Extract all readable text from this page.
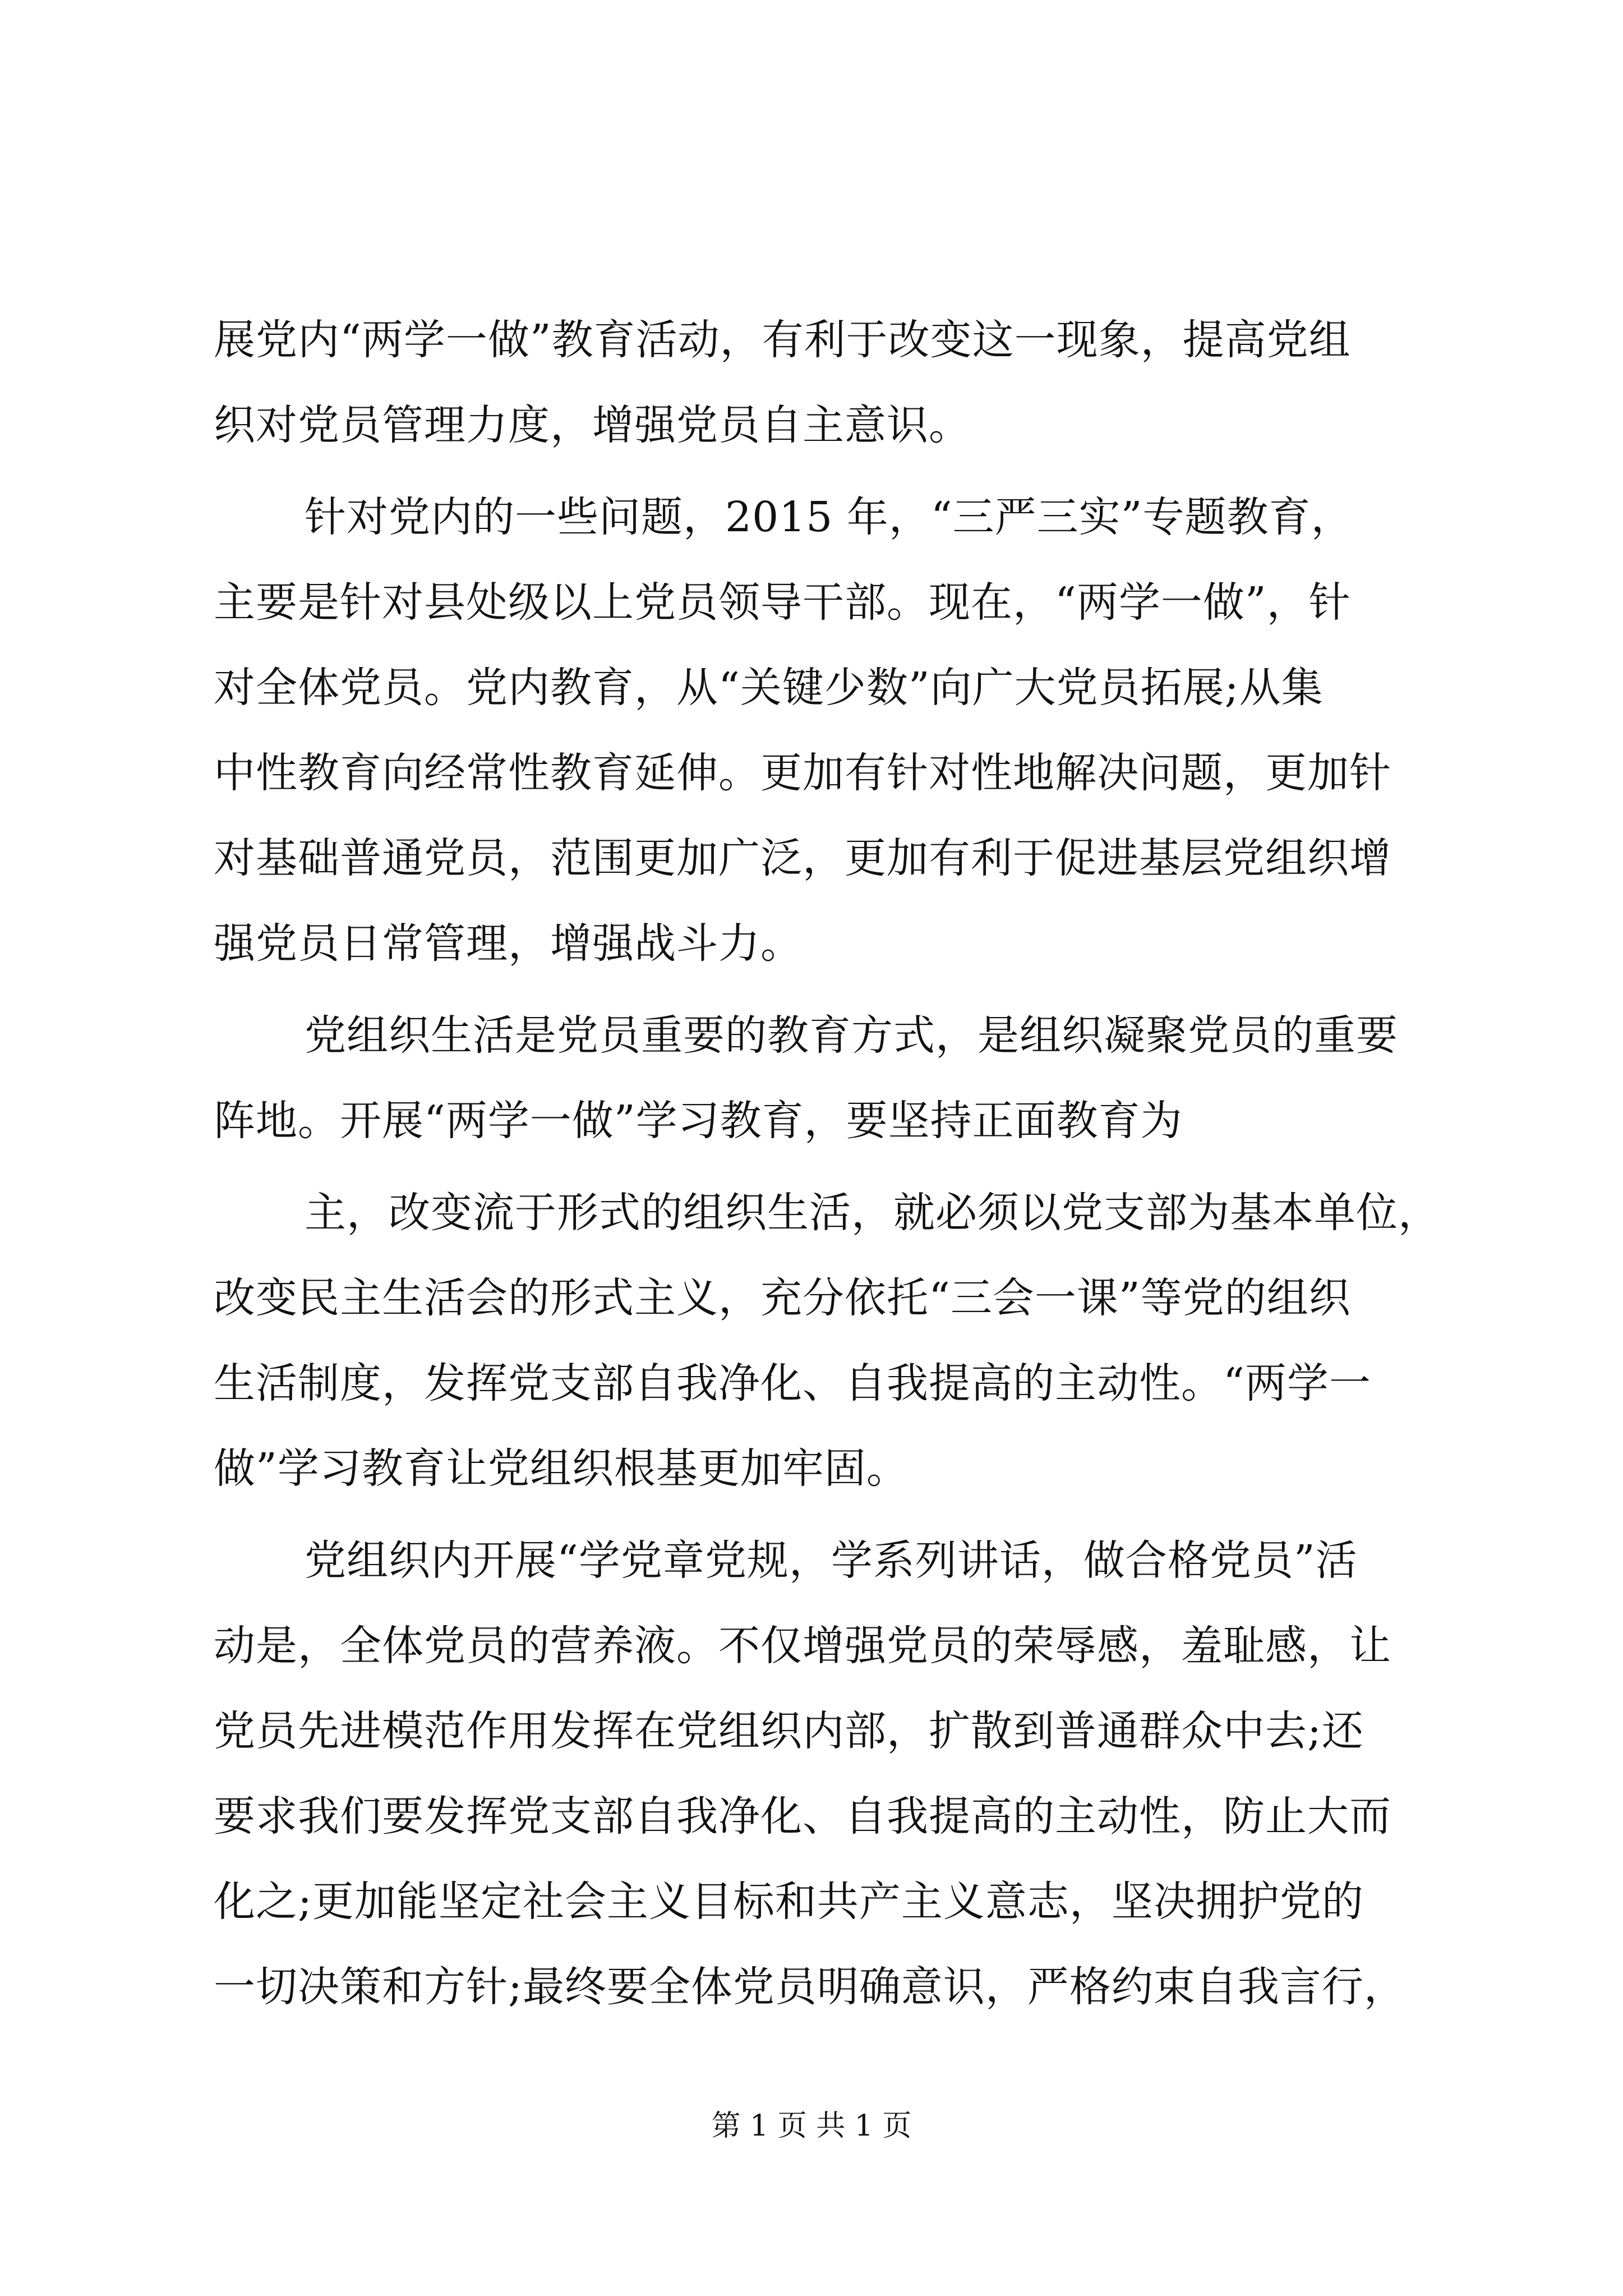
展党内“两学一做”教育活动，有利于改变这一现象，提高党组
织对党员管理力度，增强党员自主意识。
针对党内的一些问题，2015 年，“三严三实”专题教育，
主要是针对县处级以上党员领导干部。现在，“两学一做”，针
对全体党员。党内教育，从“关键少数”向广大党员拓展;从集
中性教育向经常性教育延伸。更加有针对性地解决问题，更加针
对基础普通党员，范围更加广泛，更加有利于促进基层党组织增
强党员日常管理，增强战斗力。
党组织生活是党员重要的教育方式，是组织凝聚党员的重要
阵地。开展“两学一做”学习教育，要坚持正面教育为
主，改变流于形式的组织生活，就必须以党支部为基本单位，
改变民主生活会的形式主义，充分依托“三会一课”等党的组织
生活制度，发挥党支部自我净化、自我提高的主动性。“两学一
做”学习教育让党组织根基更加牢固。
党组织内开展“学党章党规，学系列讲话，做合格党员”活
动是，全体党员的营养液。不仅增强党员的荣辱感，羞耻感，让
党员先进模范作用发挥在党组织内部，扩散到普通群众中去;还
要求我们要发挥党支部自我净化、自我提高的主动性，防止大而
化之;更加能坚定社会主义目标和共产主义意志，坚决拥护党的
一切决策和方针;最终要全体党员明确意识，严格约束自我言行，
第 1 页 共 1 页
